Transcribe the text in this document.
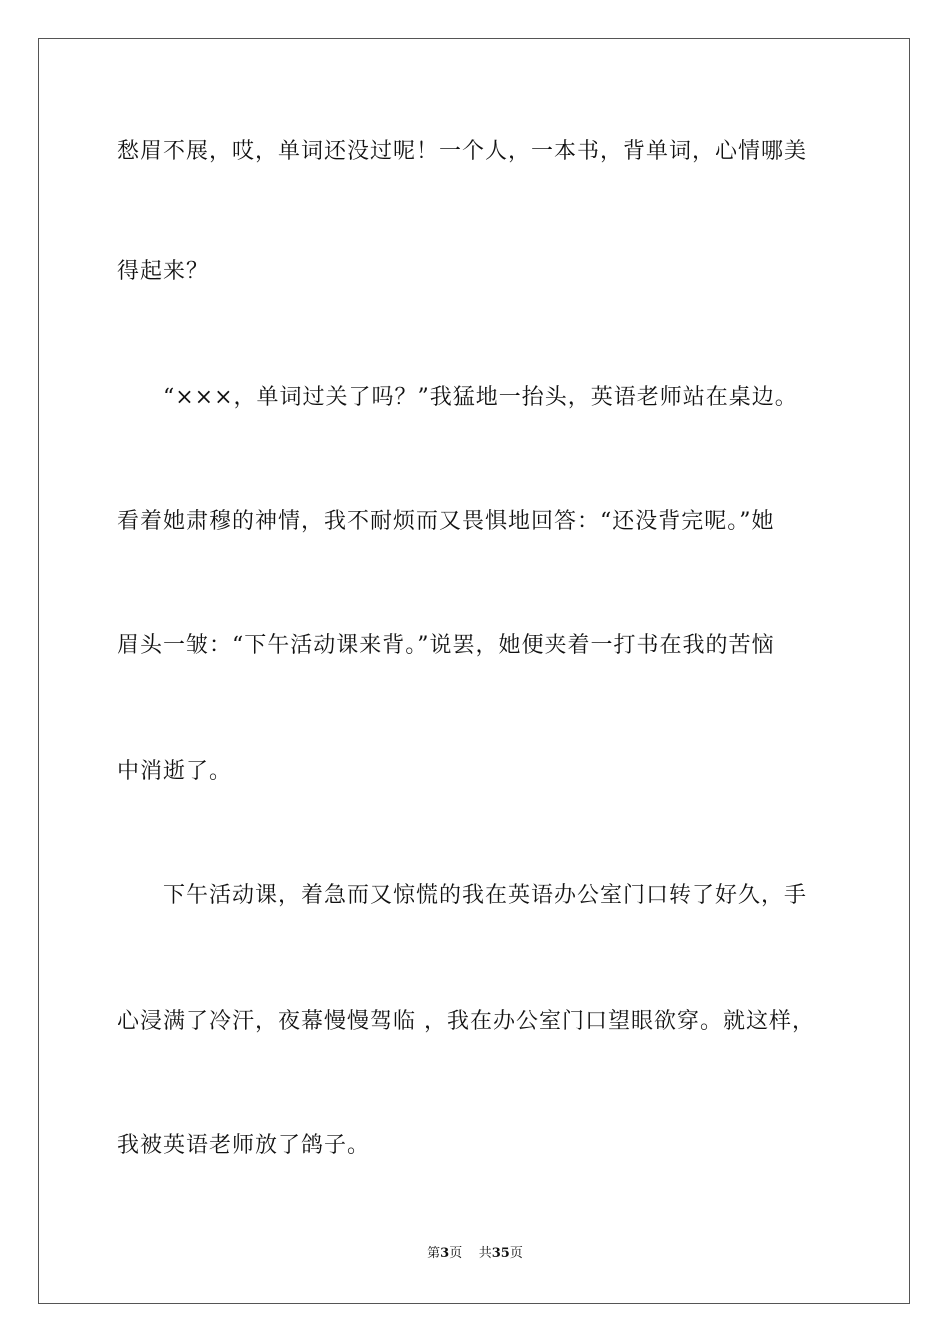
愁眉不展，哎，单词还没过呢！一个人，一本书，背单词，心情哪美
得起来？
“×××，单词过关了吗？”我猛地一抬头，英语老师站在桌边。
看着她肃穆的神情，我不耐烦而又畏惧地回答：“还没背完呢。”她
眉头一皱：“下午活动课来背。”说罢，她便夹着一打书在我的苦恼
中消逝了。
下午活动课，着急而又惊慌的我在英语办公室门口转了好久，手
心浸满了冷汗，夜幕慢慢驾临 ，我在办公室门口望眼欲穿。就这样，
我被英语老师放了鸽子。
第3页 共35页
